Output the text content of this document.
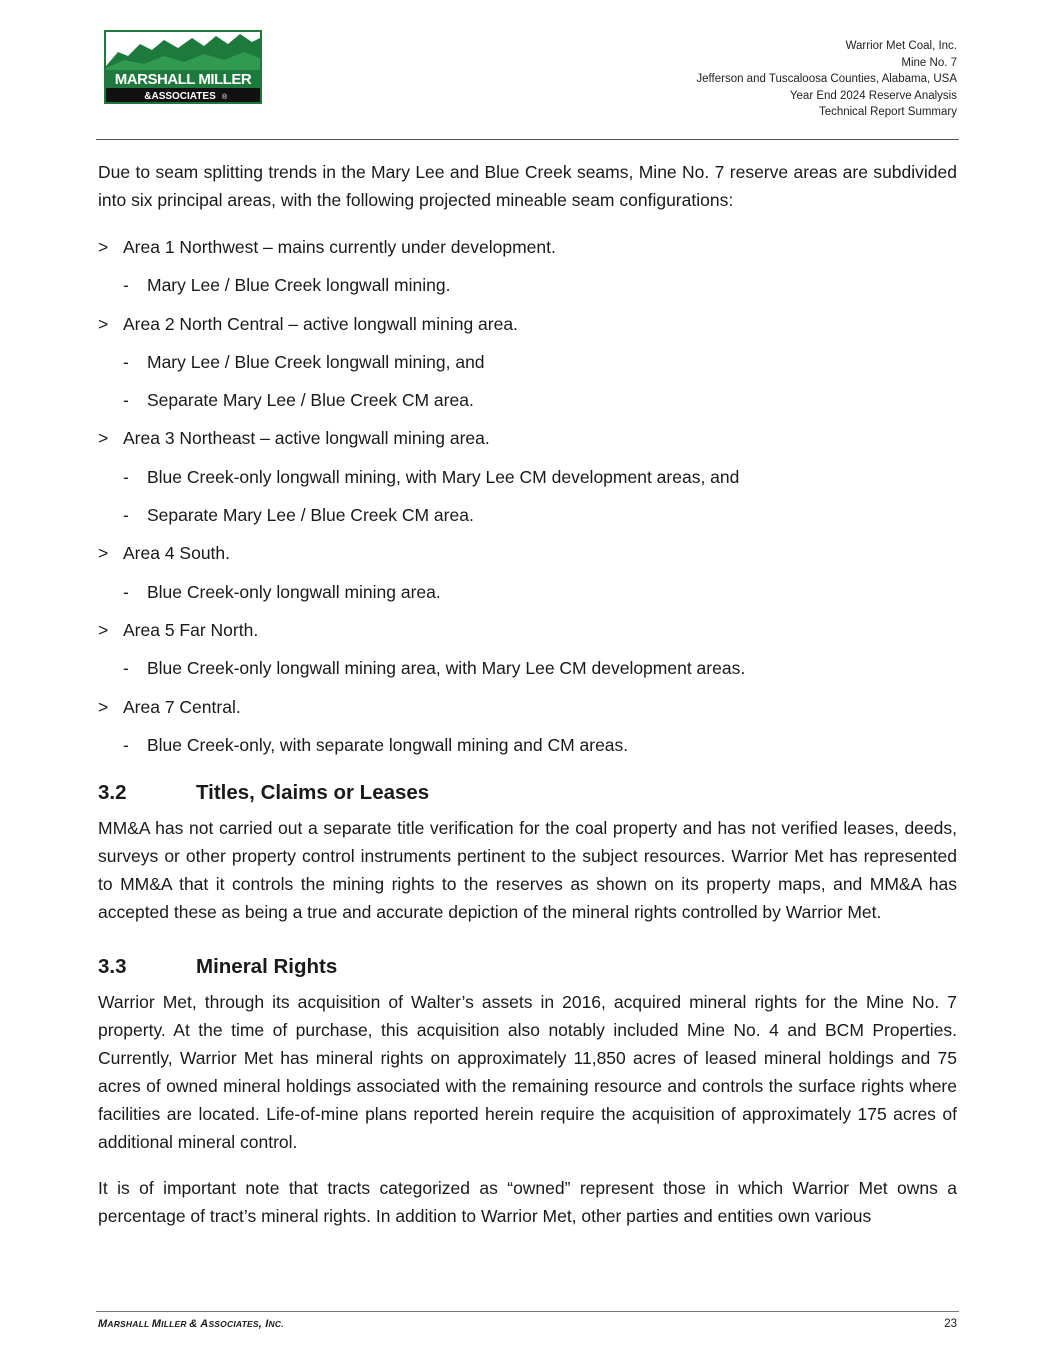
MARSHALL MILLER
&ASSOCIATES ®
Warrior Met Coal, Inc.
Mine No. 7
Jefferson and Tuscaloosa Counties, Alabama, USA
Year End 2024 Reserve Analysis
Technical Report Summary

Due to seam splitting trends in the Mary Lee and Blue Creek seams, Mine No. 7 reserve areas are subdivided into six principal areas, with the following projected mineable seam configurations:

> Area 1 Northwest – mains currently under development.
- Mary Lee / Blue Creek longwall mining.
> Area 2 North Central – active longwall mining area.
- Mary Lee / Blue Creek longwall mining, and
- Separate Mary Lee / Blue Creek CM area.
> Area 3 Northeast – active longwall mining area.
- Blue Creek-only longwall mining, with Mary Lee CM development areas, and
- Separate Mary Lee / Blue Creek CM area.
> Area 4 South.
- Blue Creek-only longwall mining area.
> Area 5 Far North.
- Blue Creek-only longwall mining area, with Mary Lee CM development areas.
> Area 7 Central.
- Blue Creek-only, with separate longwall mining and CM areas.
3.2	Titles, Claims or Leases

MM&A has not carried out a separate title verification for the coal property and has not verified leases, deeds, surveys or other property control instruments pertinent to the subject resources. Warrior Met has represented to MM&A that it controls the mining rights to the reserves as shown on its property maps, and MM&A has accepted these as being a true and accurate depiction of the mineral rights controlled by Warrior Met.

3.3	Mineral Rights

Warrior Met, through its acquisition of Walter’s assets in 2016, acquired mineral rights for the Mine No. 7 property. At the time of purchase, this acquisition also notably included Mine No. 4 and BCM Properties. Currently, Warrior Met has mineral rights on approximately 11,850 acres of leased mineral holdings and 75 acres of owned mineral holdings associated with the remaining resource and controls the surface rights where facilities are located. Life-of-mine plans reported herein require the acquisition of approximately 175 acres of additional mineral control.

It is of important note that tracts categorized as “owned” represent those in which Warrior Met owns a percentage of tract’s mineral rights. In addition to Warrior Met, other parties and entities own various

MARSHALL MILLER & ASSOCIATES, INC.	23
